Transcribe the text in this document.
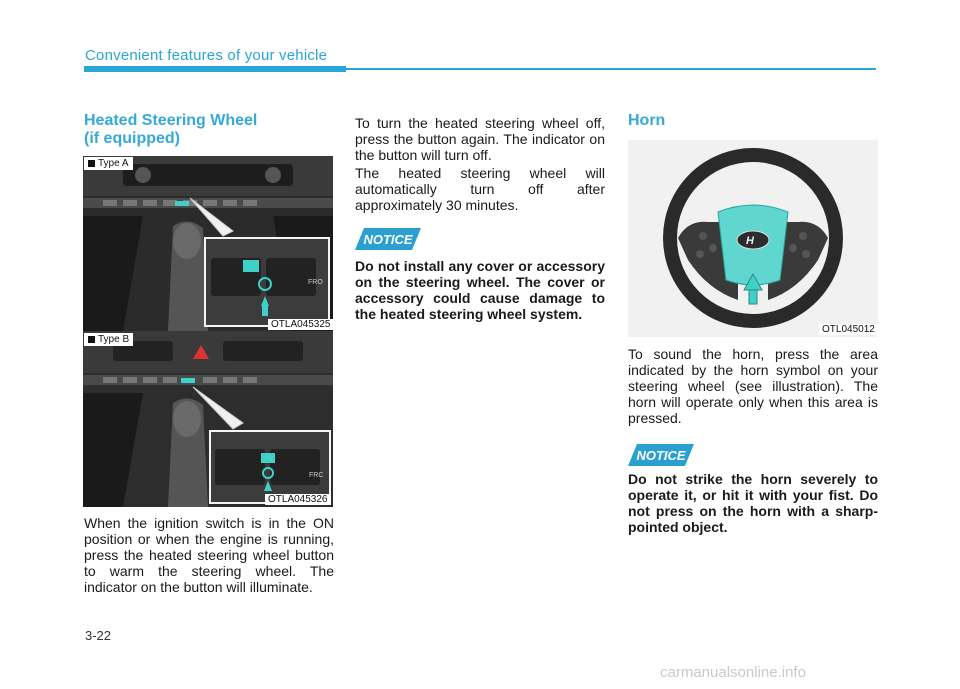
Convenient features of your vehicle
Heated Steering Wheel
(if equipped)
FRO
Type A
OTLA045325
FRC
Type B
OTLA045326

When the ignition switch is in the ON position or when the engine is running, press the heated steering wheel button to warm the steering wheel. The indicator on the button will illuminate.

To turn the heated steering wheel off, press the button again. The indicator on the button will turn off.

The heated steering wheel will automatically turn off after approximately 30 minutes.

NOTICE

Do not install any cover or accessory on the steering wheel. The cover or accessory could cause damage to the heated steering wheel system.

Horn
H
OTL045012

To sound the horn, press the area indicated by the horn symbol on your steering wheel (see illustration). The horn will operate only when this area is pressed.

NOTICE

Do not strike the horn severely to operate it, or hit it with your fist. Do not press on the horn with a sharp-pointed object.

3-22
carmanualsonline.info
